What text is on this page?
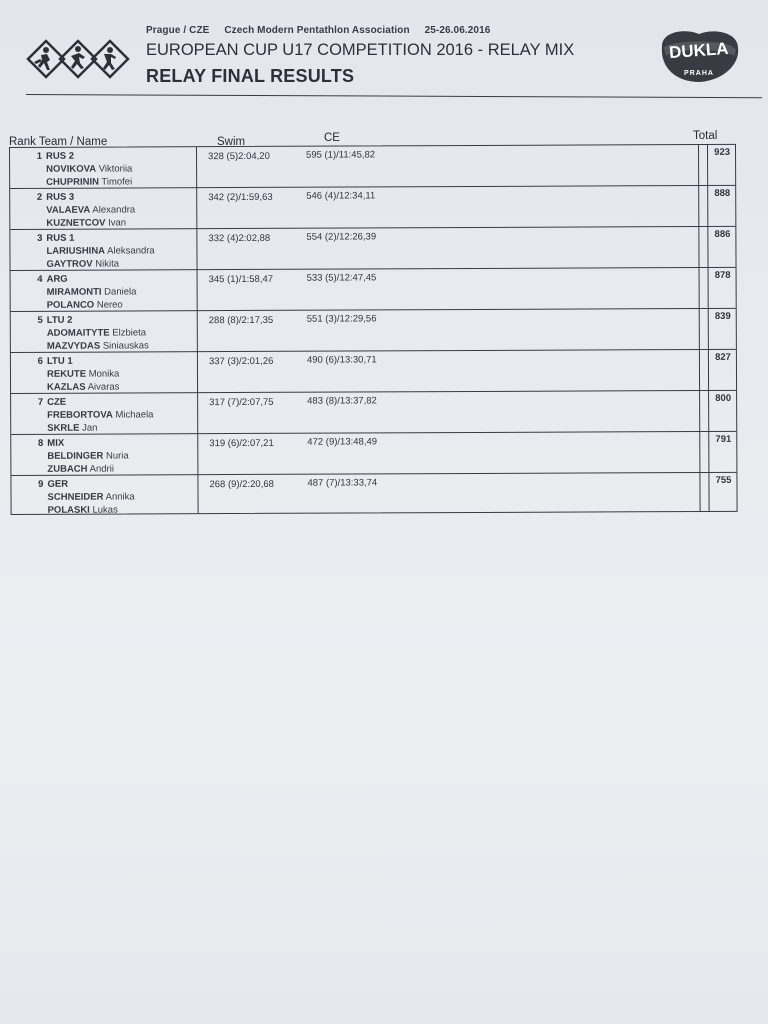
Prague / CZE Czech Modern Pentathlon Association 25-26.06.2016
EUROPEAN CUP U17 COMPETITION 2016 - RELAY MIX
RELAY FINAL RESULTS
DUKLA
PRAHA
Rank Team / Name	Swim	CE	Total
1 RUS 2
NOVIKOVA Viktoriia
CHUPRININ Timofei
328 (5)2:04,20	595 (1)/11:45,82	923
2 RUS 3
VALAEVA Alexandra
KUZNETCOV Ivan
342 (2)/1:59,63	546 (4)/12:34,11	888
3 RUS 1
LARIUSHINA Aleksandra
GAYTROV Nikita
332 (4)2:02,88	554 (2)/12:26,39	886
4 ARG
MIRAMONTI Daniela
POLANCO Nereo
345 (1)/1:58,47	533 (5)/12:47,45	878
5 LTU 2
ADOMAITYTE Elzbieta
MAZVYDAS Siniauskas
288 (8)/2:17,35	551 (3)/12:29,56	839
6 LTU 1
REKUTE Monika
KAZLAS Aivaras
337 (3)/2:01,26	490 (6)/13:30,71	827
7 CZE
FREBORTOVA Michaela
SKRLE Jan
317 (7)/2:07,75	483 (8)/13:37,82	800
8 MIX
BELDINGER Nuria
ZUBACH Andrii
319 (6)/2:07,21	472 (9)/13:48,49	791
9 GER
SCHNEIDER Annika
POLASKI Lukas
268 (9)/2:20,68	487 (7)/13:33,74	755
